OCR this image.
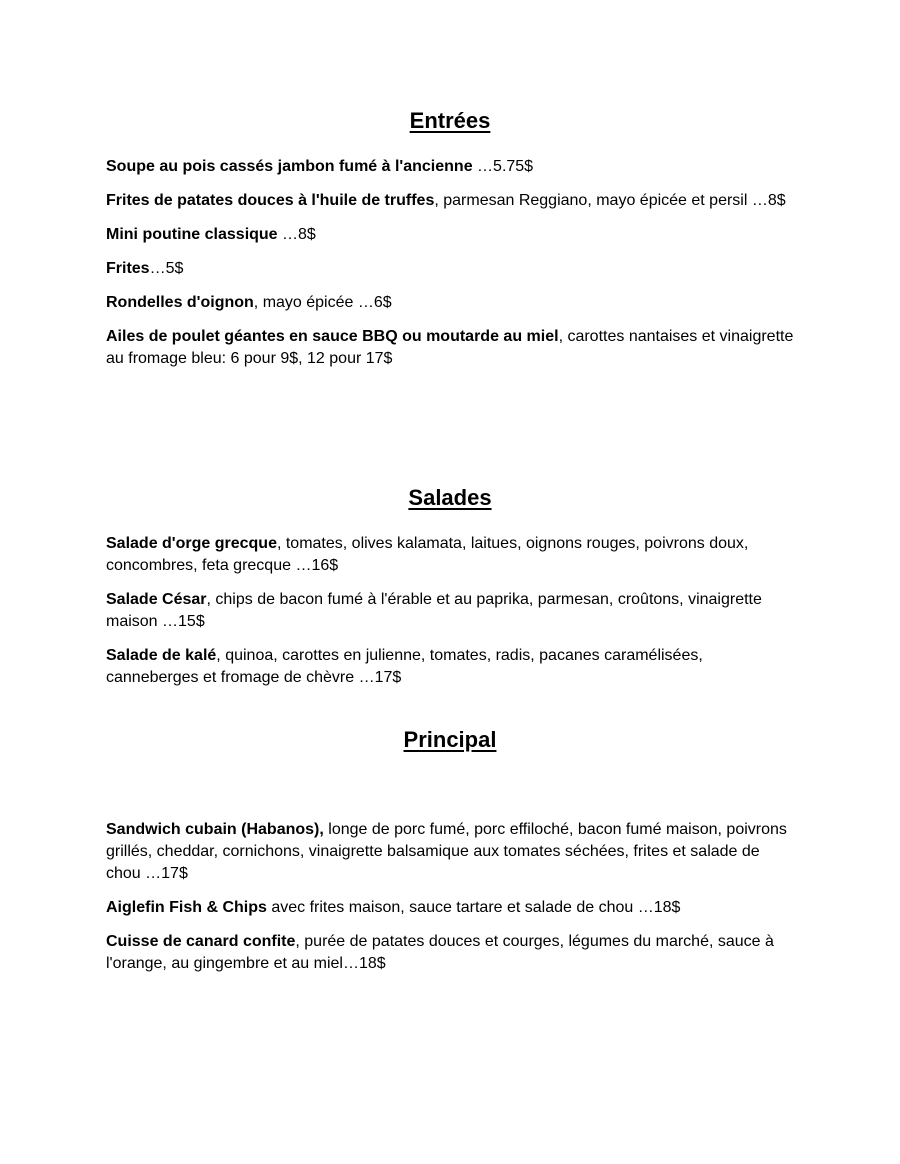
Entrées

Soupe au pois cassés jambon fumé à l'ancienne …5.75$

Frites de patates douces à l'huile de truffes, parmesan Reggiano, mayo épicée et persil …8$

Mini poutine classique …8$

Frites…5$

Rondelles d'oignon, mayo épicée …6$

Ailes de poulet géantes en sauce BBQ ou moutarde au miel, carottes nantaises et vinaigrette au fromage bleu: 6 pour 9$, 12 pour 17$

Salades

Salade d'orge grecque, tomates, olives kalamata, laitues, oignons rouges, poivrons doux, concombres, feta grecque …16$

Salade César, chips de bacon fumé à l'érable et au paprika, parmesan, croûtons, vinaigrette maison …15$

Salade de kalé, quinoa, carottes en julienne, tomates, radis, pacanes caramélisées, canneberges et fromage de chèvre …17$

Principal

Sandwich cubain (Habanos), longe de porc fumé, porc effiloché, bacon fumé maison, poivrons grillés, cheddar, cornichons, vinaigrette balsamique aux tomates séchées, frites et salade de chou …17$

Aiglefin Fish & Chips avec frites maison, sauce tartare et salade de chou …18$

Cuisse de canard confite, purée de patates douces et courges, légumes du marché, sauce à l'orange, au gingembre et au miel…18$
